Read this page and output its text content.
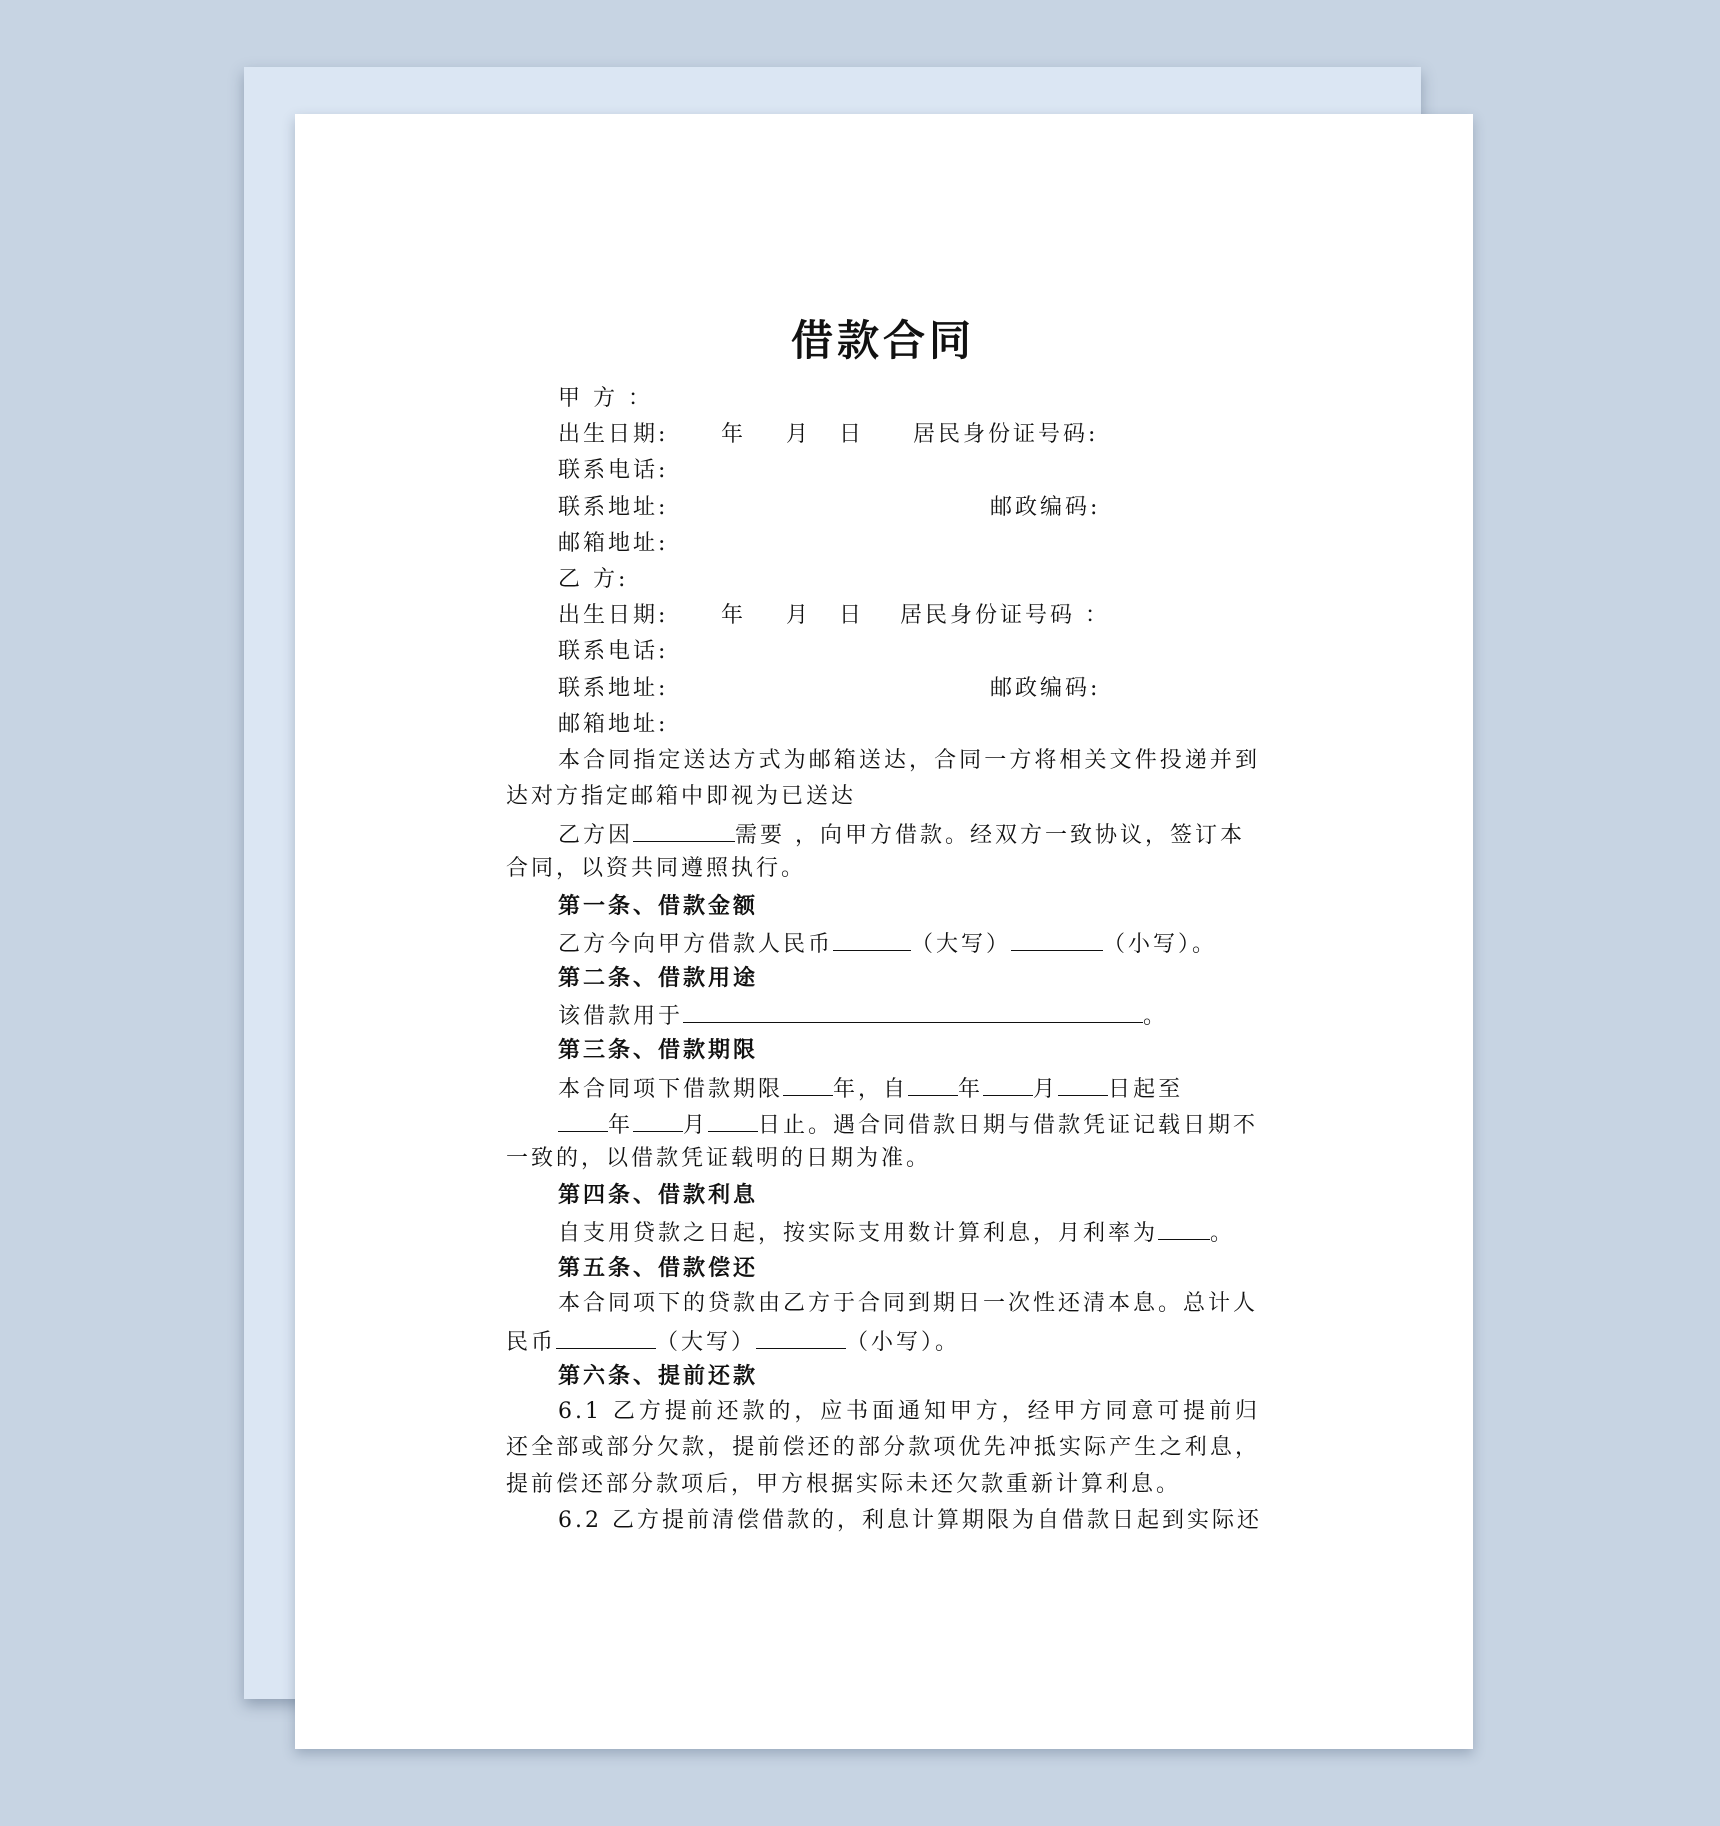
借款合同
甲 方 ：
出生日期: 年 月 日 居民身份证号码:
联系电话:
联系地址:	邮政编码:
邮箱地址:
乙 方:
出生日期: 年 月 日 居民身份证号码 ：
联系电话:
联系地址:	邮政编码:
邮箱地址:

本合同指定送达方式为邮箱送达，合同一方将相关文件投递并到达对方指定邮箱中即视为已送达

乙方因	需要 ，向甲方借款。经双方一致协议，签订本
合同，以资共同遵照执行。
第一条、借款金额
乙方今向甲方借款人民币	（大写）	（小写）。
第二条、借款用途
该借款用于	。
第三条、借款期限
本合同项下借款期限 年，自 年 月 日起至
年 月 日止。遇合同借款日期与借款凭证记载日期不
一致的，以借款凭证载明的日期为准。
第四条、借款利息
自支用贷款之日起，按实际支用数计算利息，月利率为 。
第五条、借款偿还
本合同项下的贷款由乙方于合同到期日一次性还清本息。总计人
民币	（大写）	（小写）。
第六条、提前还款

6.1 乙方提前还款的，应书面通知甲方，经甲方同意可提前归还全部或部分欠款，提前偿还的部分款项优先冲抵实际产生之利息，提前偿还部分款项后，甲方根据实际未还欠款重新计算利息。

6.2 乙方提前清偿借款的，利息计算期限为自借款日起到实际还
